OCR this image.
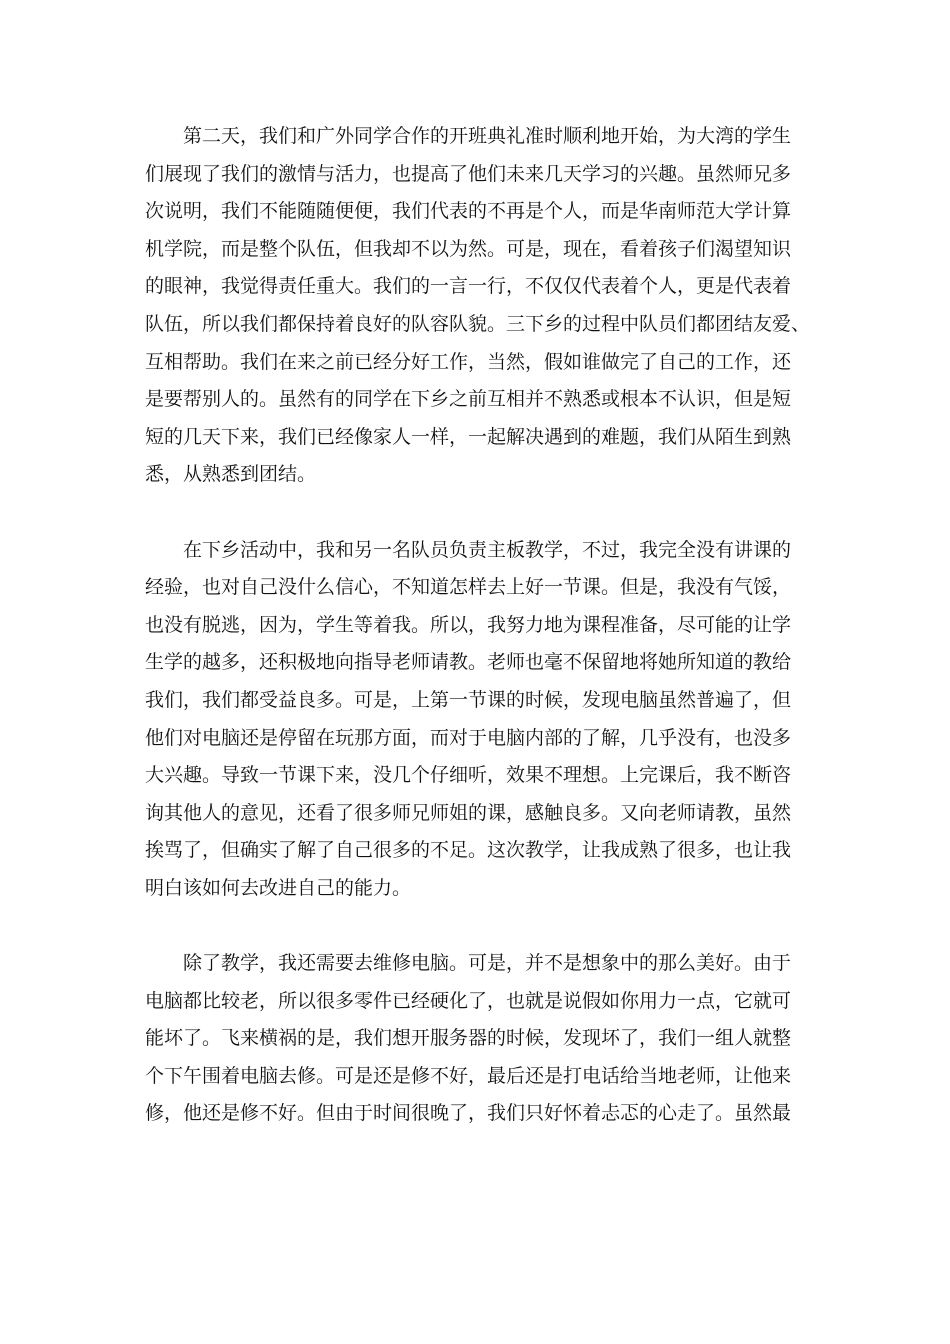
第二天，我们和广外同学合作的开班典礼准时顺利地开始，为大湾的学生
们展现了我们的激情与活力，也提高了他们未来几天学习的兴趣。虽然师兄多
次说明，我们不能随随便便，我们代表的不再是个人，而是华南师范大学计算
机学院，而是整个队伍，但我却不以为然。可是，现在，看着孩子们渴望知识
的眼神，我觉得责任重大。我们的一言一行，不仅仅代表着个人，更是代表着
队伍，所以我们都保持着良好的队容队貌。三下乡的过程中队员们都团结友爱、
互相帮助。我们在来之前已经分好工作，当然，假如谁做完了自己的工作，还
是要帮别人的。虽然有的同学在下乡之前互相并不熟悉或根本不认识，但是短
短的几天下来，我们已经像家人一样，一起解决遇到的难题，我们从陌生到熟
悉，从熟悉到团结。
在下乡活动中，我和另一名队员负责主板教学，不过，我完全没有讲课的
经验，也对自己没什么信心，不知道怎样去上好一节课。但是，我没有气馁，
也没有脱逃，因为，学生等着我。所以，我努力地为课程准备，尽可能的让学
生学的越多，还积极地向指导老师请教。老师也毫不保留地将她所知道的教给
我们，我们都受益良多。可是，上第一节课的时候，发现电脑虽然普遍了，但
他们对电脑还是停留在玩那方面，而对于电脑内部的了解，几乎没有，也没多
大兴趣。导致一节课下来，没几个仔细听，效果不理想。上完课后，我不断咨
询其他人的意见，还看了很多师兄师姐的课，感触良多。又向老师请教，虽然
挨骂了，但确实了解了自己很多的不足。这次教学，让我成熟了很多，也让我
明白该如何去改进自己的能力。
除了教学，我还需要去维修电脑。可是，并不是想象中的那么美好。由于
电脑都比较老，所以很多零件已经硬化了，也就是说假如你用力一点，它就可
能坏了。飞来横祸的是，我们想开服务器的时候，发现坏了，我们一组人就整
个下午围着电脑去修。可是还是修不好，最后还是打电话给当地老师，让他来
修，他还是修不好。但由于时间很晚了，我们只好怀着忐忑的心走了。虽然最
